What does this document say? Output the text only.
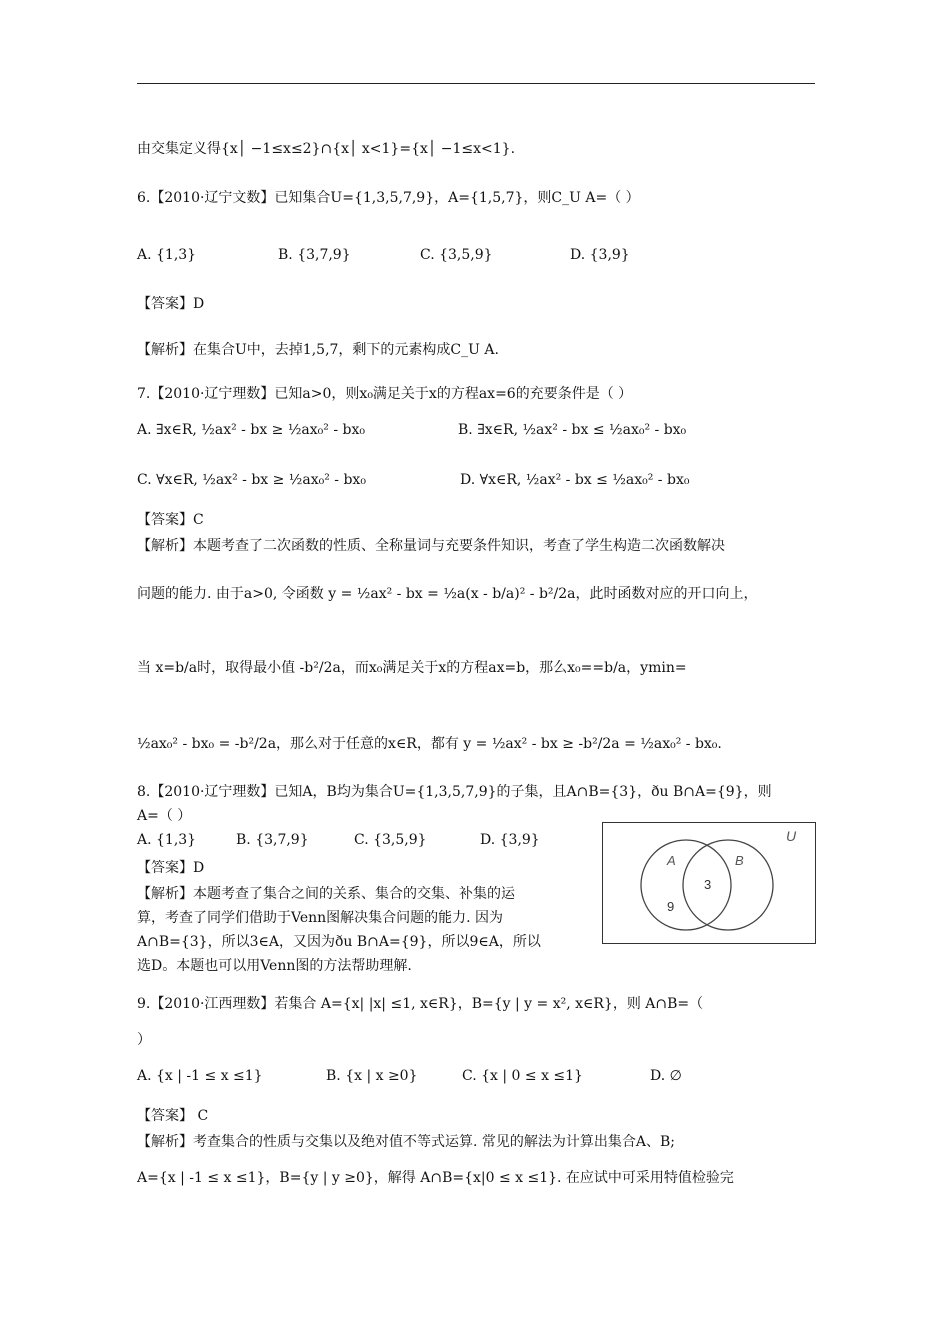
由交集定义得{x│ −1≤x≤2}∩{x│ x<1}={x│ −1≤x<1}.
6.【2010·辽宁文数】已知集合U={1,3,5,7,9}，A={1,5,7}，则C_U A=（ ）
A. {1,3}	B. {3,7,9}	C. {3,5,9}	D. {3,9}
【答案】D
【解析】在集合U中，去掉1,5,7，剩下的元素构成C_U A.
7.【2010·辽宁理数】已知a>0，则x₀满足关于x的方程ax=6的充要条件是（ ）
A. ∃x∈R, ½ax² - bx ≥ ½ax₀² - bx₀	B. ∃x∈R, ½ax² - bx ≤ ½ax₀² - bx₀
C. ∀x∈R, ½ax² - bx ≥ ½ax₀² - bx₀	D. ∀x∈R, ½ax² - bx ≤ ½ax₀² - bx₀
【答案】C
【解析】本题考查了二次函数的性质、全称量词与充要条件知识，考查了学生构造二次函数解决
问题的能力. 由于a>0, 令函数 y = ½ax² - bx = ½a(x - b/a)² - b²/2a，此时函数对应的开口向上，
当 x=b/a时，取得最小值 -b²/2a，而x₀满足关于x的方程ax=b，那么x₀==b/a，ymin=
½ax₀² - bx₀ = -b²/2a，那么对于任意的x∈R，都有 y = ½ax² - bx ≥ -b²/2a = ½ax₀² - bx₀.
8.【2010·辽宁理数】已知A，B均为集合U={1,3,5,7,9}的子集，且A∩B={3}，ðu B∩A={9}，则
A=（ ）
A. {1,3}	B. {3,7,9}	C. {3,5,9}	D. {3,9}
【答案】D
【解析】本题考查了集合之间的关系、集合的交集、补集的运
算，考查了同学们借助于Venn图解决集合问题的能力. 因为
A∩B={3}，所以3∈A，又因为ðu B∩A={9}，所以9∈A，所以
选D。本题也可以用Venn图的方法帮助理解.
U
A	B
9
3
9.【2010·江西理数】若集合 A={x| |x| ≤1, x∈R}，B={y | y = x², x∈R}，则 A∩B=（
）
A. {x | -1 ≤ x ≤1}	B. {x | x ≥0}	C. {x | 0 ≤ x ≤1}	D. ∅
【答案】 C
【解析】考查集合的性质与交集以及绝对值不等式运算. 常见的解法为计算出集合A、B;
A={x | -1 ≤ x ≤1}，B={y | y ≥0}，解得 A∩B={x|0 ≤ x ≤1}. 在应试中可采用特值检验完
